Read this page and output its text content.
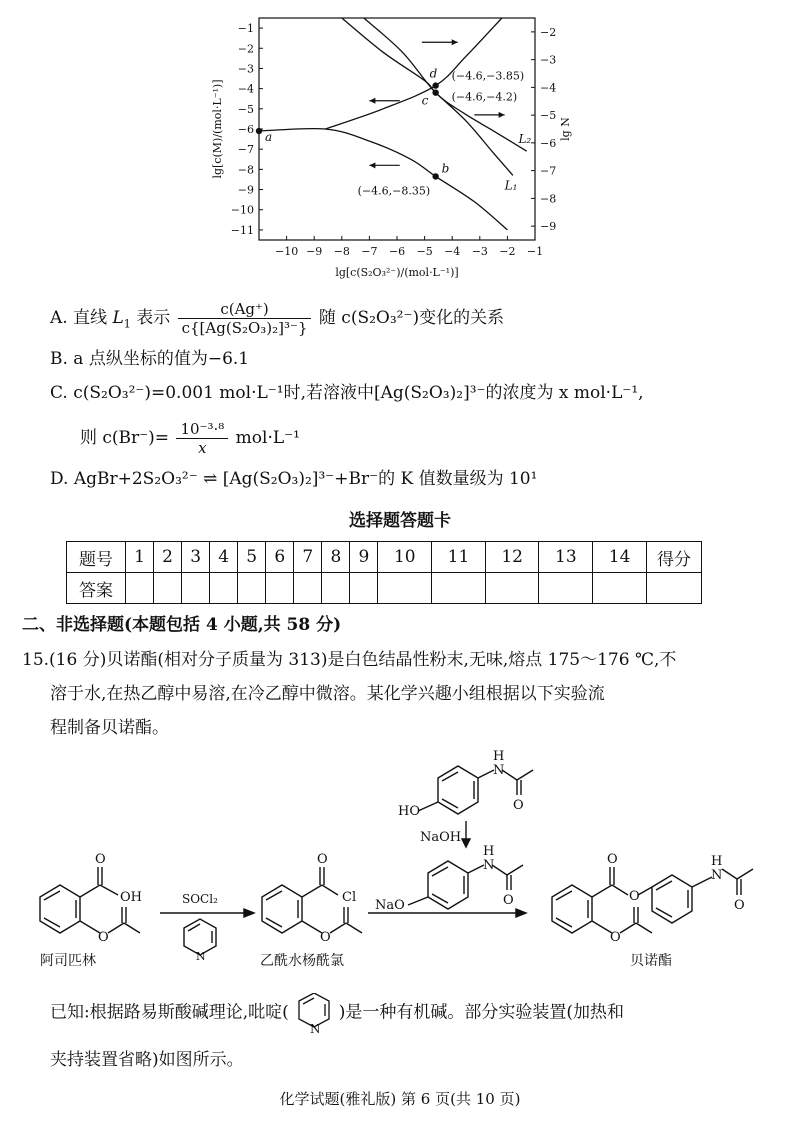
−10 −9 −8 −7 −6 −5 −4 −3 −2 −1
−1
−2
−3
−4
−5
−6
−7
−8
−9
−10
−11
−2
−3
−4
−5
−6
−7
−8
−9
lg[c(S₂O₃²⁻)/(mol·L⁻¹)]
lg[c(M)/(mol·L⁻¹)]	lg N
a
b
(−4.6,−8.35)
c (−4.6,−4.2)
d (−4.6,−3.85)
L₂
L₁
A. 直线 $L_1$ 表示 $\frac{c(Ag^+)}{\text{c\{[Ag(S₂O₃)₂]³⁻\}}}$ 随 c(S₂O₃²⁻)变化的关系
B. a 点纵坐标的值为−6.1
C. c(S₂O₃²⁻)=0.001 mol·L⁻¹时,若溶液中[Ag(S₂O₃)₂]³⁻的浓度为 x mol·L⁻¹,
则 $c(Br^-)= \frac{\text{10⁻³·⁸}}{x} mol\cdot L^{-1}$
D. AgBr+2S₂O₃²⁻ ⇌ [Ag(S₂O₃)₂]³⁻+Br⁻的 K 值数量级为 10¹
选择题答题卡
题号	1	2	3	4	5	6	7	8	9	10	11	12	13	14	得分
答案															
二、非选择题(本题包括 4 小题,共 58 分)
15.(16 分)贝诺酯(相对分子质量为 313)是白色结晶性粉末,无味,熔点 175～176 ℃,不
溶于水,在热乙醇中易溶,在冷乙醇中微溶。某化学兴趣小组根据以下实验流
程制备贝诺酯。
HO
N
H
O
NaOH
NaO
N
H
O
O
OH
O
阿司匹林
SOCl₂
N
O
Cl
O
乙酰水杨酰氯
O
O
O
N
H
O
贝诺酯
已知:根据路易斯酸碱理论,吡啶(
N
)是一种有机碱。部分实验装置(加热和
夹持装置省略)如图所示。
化学试题(雅礼版) 第 6 页(共 10 页)
